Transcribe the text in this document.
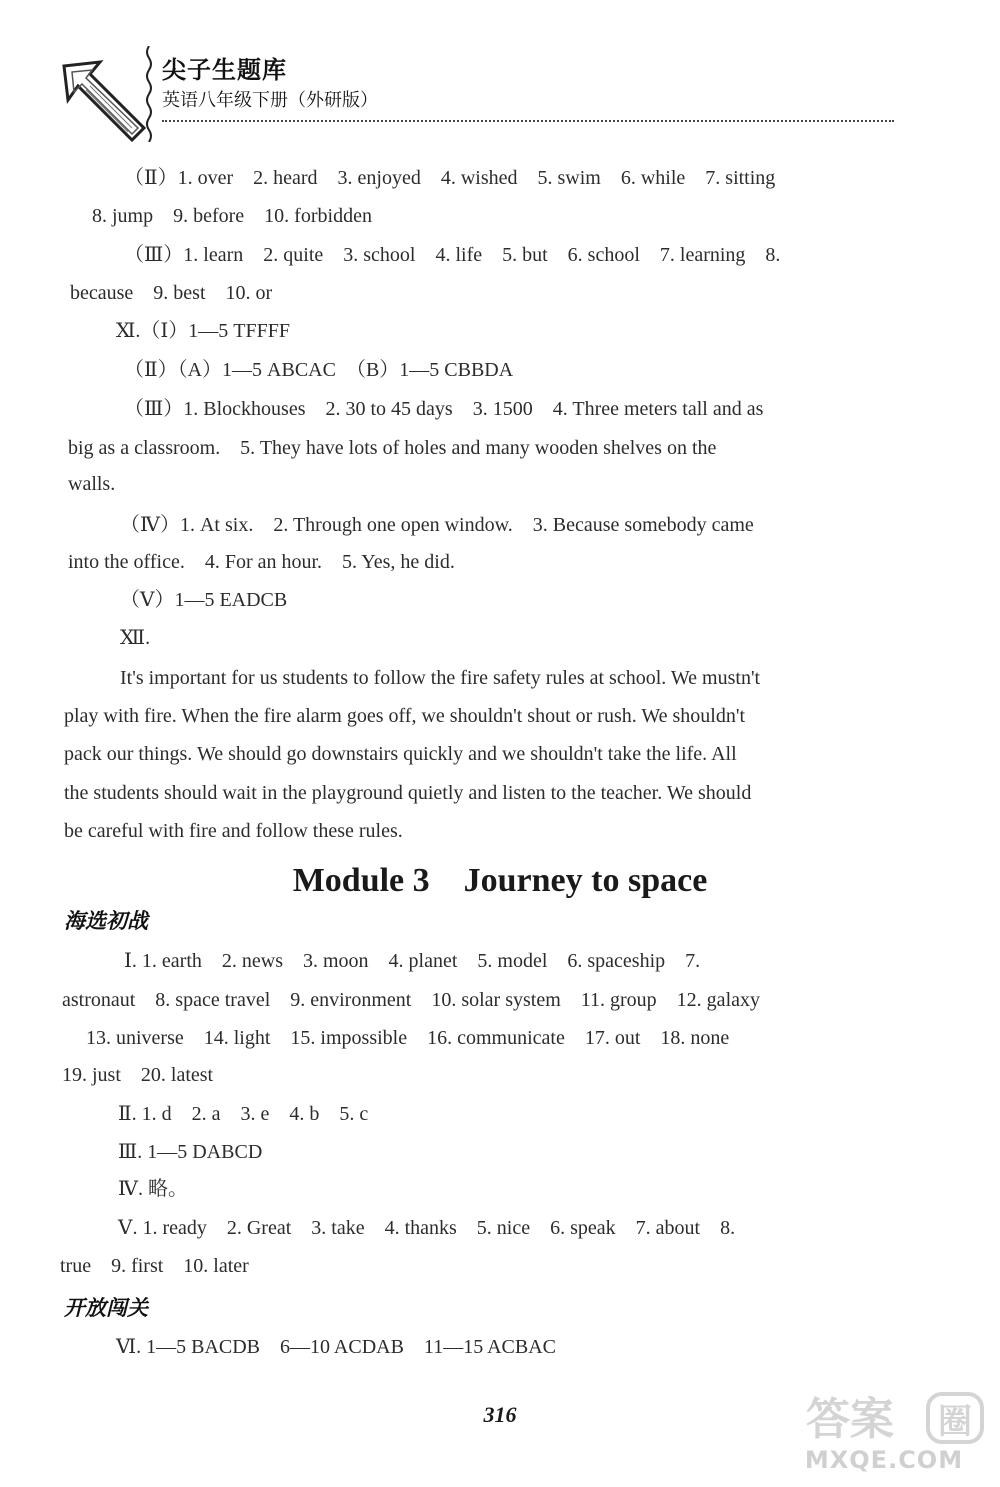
尖子生题库
英语八年级下册（外研版）
（Ⅱ）1. over　2. heard　3. enjoyed　4. wished　5. swim　6. while　7. sitting
8. jump　9. before　10. forbidden
（Ⅲ）1. learn　2. quite　3. school　4. life　5. but　6. school　7. learning　8.
because　9. best　10. or
Ⅺ.（Ⅰ）1—5 TFFFF
（Ⅱ）（A）1—5 ABCAC　（B）1—5 CBBDA
（Ⅲ）1. Blockhouses　2. 30 to 45 days　3. 1500　4. Three meters tall and as
big as a classroom.　5. They have lots of holes and many wooden shelves on the
walls.
（Ⅳ）1. At six.　2. Through one open window.　3. Because somebody came
into the office.　4. For an hour.　5. Yes, he did.
（Ⅴ）1—5 EADCB
Ⅻ.
It's important for us students to follow the fire safety rules at school. We mustn't
play with fire. When the fire alarm goes off, we shouldn't shout or rush. We shouldn't
pack our things. We should go downstairs quickly and we shouldn't take the life. All
the students should wait in the playground quietly and listen to the teacher. We should
be careful with fire and follow these rules.
Module 3　Journey to space
海选初战
Ⅰ. 1. earth　2. news　3. moon　4. planet　5. model　6. spaceship　7.
astronaut　8. space travel　9. environment　10. solar system　11. group　12. galaxy
13. universe　14. light　15. impossible　16. communicate　17. out　18. none
19. just　20. latest
Ⅱ. 1. d　2. a　3. e　4. b　5. c
Ⅲ. 1—5 DABCD
Ⅳ. 略。
Ⅴ. 1. ready　2. Great　3. take　4. thanks　5. nice　6. speak　7. about　8.
true　9. first　10. later
开放闯关
Ⅵ. 1—5 BACDB　6—10 ACDAB　11—15 ACBAC
316	答案 圈
MXQE.COM
